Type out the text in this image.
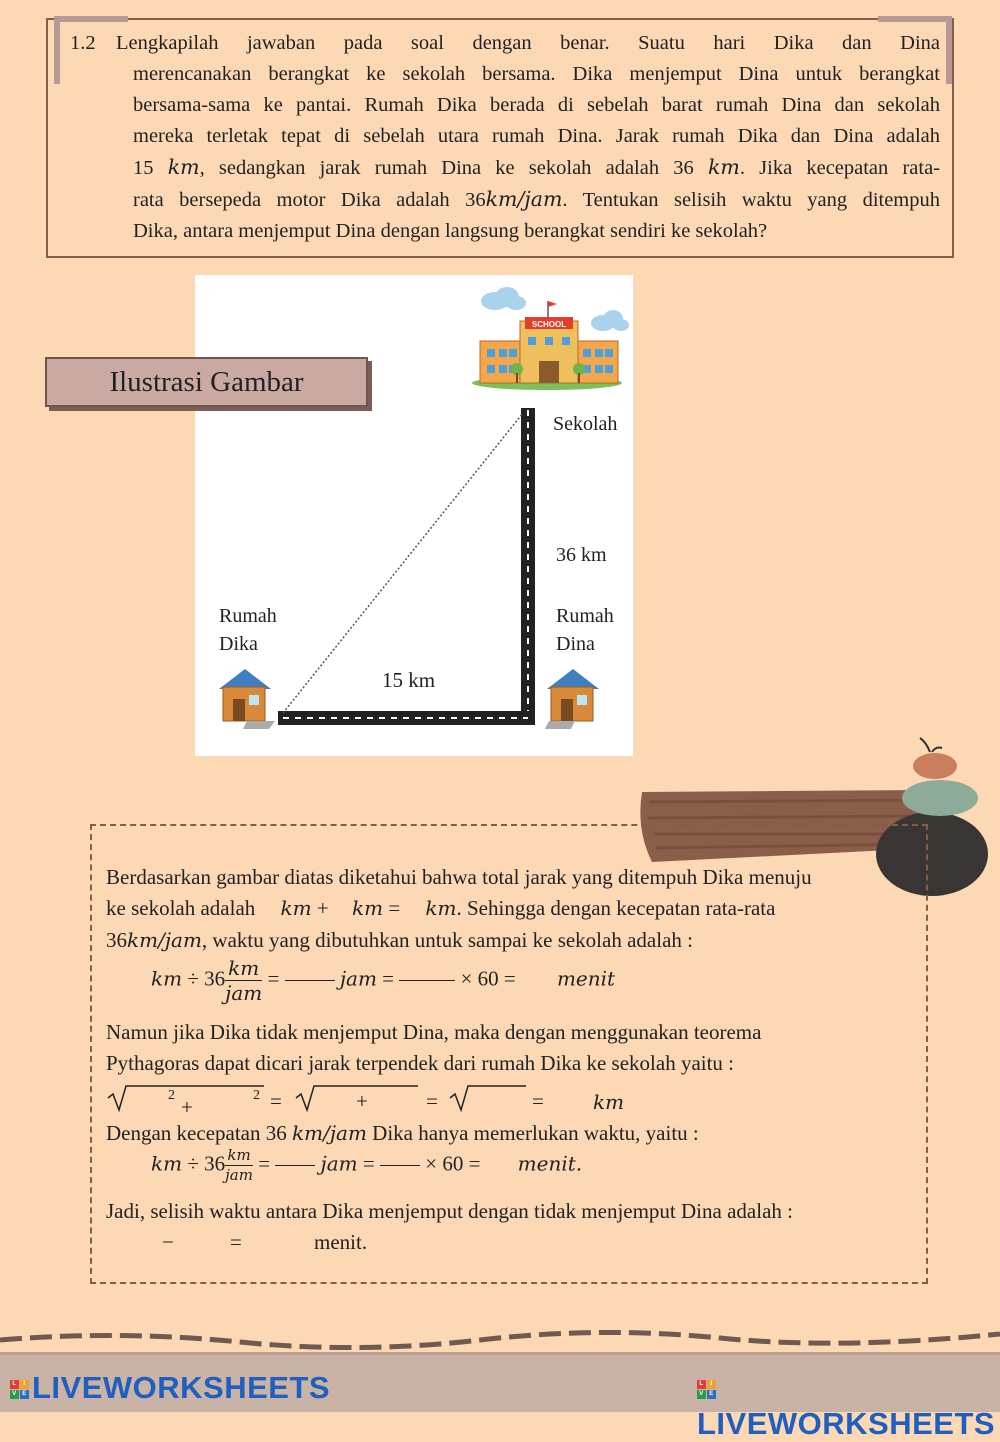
1.2 Lengkapilah jawaban pada soal dengan benar. Suatu hari Dika dan Dina
merencanakan berangkat ke sekolah bersama. Dika menjemput Dina untuk berangkat
bersama-sama ke pantai. Rumah Dika berada di sebelah barat rumah Dina dan sekolah
mereka terletak tepat di sebelah utara rumah Dina. Jarak rumah Dika dan Dina adalah
15 km, sedangkan jarak rumah Dina ke sekolah adalah 36 km. Jika kecepatan rata-
rata bersepeda motor Dika adalah 36km/jam. Tentukan selisih waktu yang ditempuh
Dika, antara menjemput Dina dengan langsung berangkat sendiri ke sekolah?
SCHOOL
Sekolah
36 km
Rumah
Dika
Rumah
Dina
15 km
Ilustrasi Gambar
Berdasarkan gambar diatas diketahui bahwa total jarak yang ditempuh Dika menuju
ke sekolah adalah km + km = km. Sehingga dengan kecepatan rata-rata
36km/jam, waktu yang dibutuhkan untuk sampai ke sekolah adalah :
km ÷ $36 \frac{km}{\text{jam}}$ =	jam =	× 60 = menit
Namun jika Dika tidak menjemput Dina, maka dengan menggunakan teorema
Pythagoras dapat dicari jarak terpendek dari rumah Dika ke sekolah yaitu :
2 +	2 =	+	=	= km
Dengan kecepatan 36 km/jam Dika hanya memerlukan waktu, yaitu :
km ÷ $36 \frac{km}{\text{jam}}$ =	jam = × 60 = menit.
Jadi, selisih waktu antara Dika menjemput dengan tidak menjemput Dina adalah :
−	=	menit.
L	I
V E LIVEWORKSHEETS	L	I
V E
LIVEWORKSHEETS
